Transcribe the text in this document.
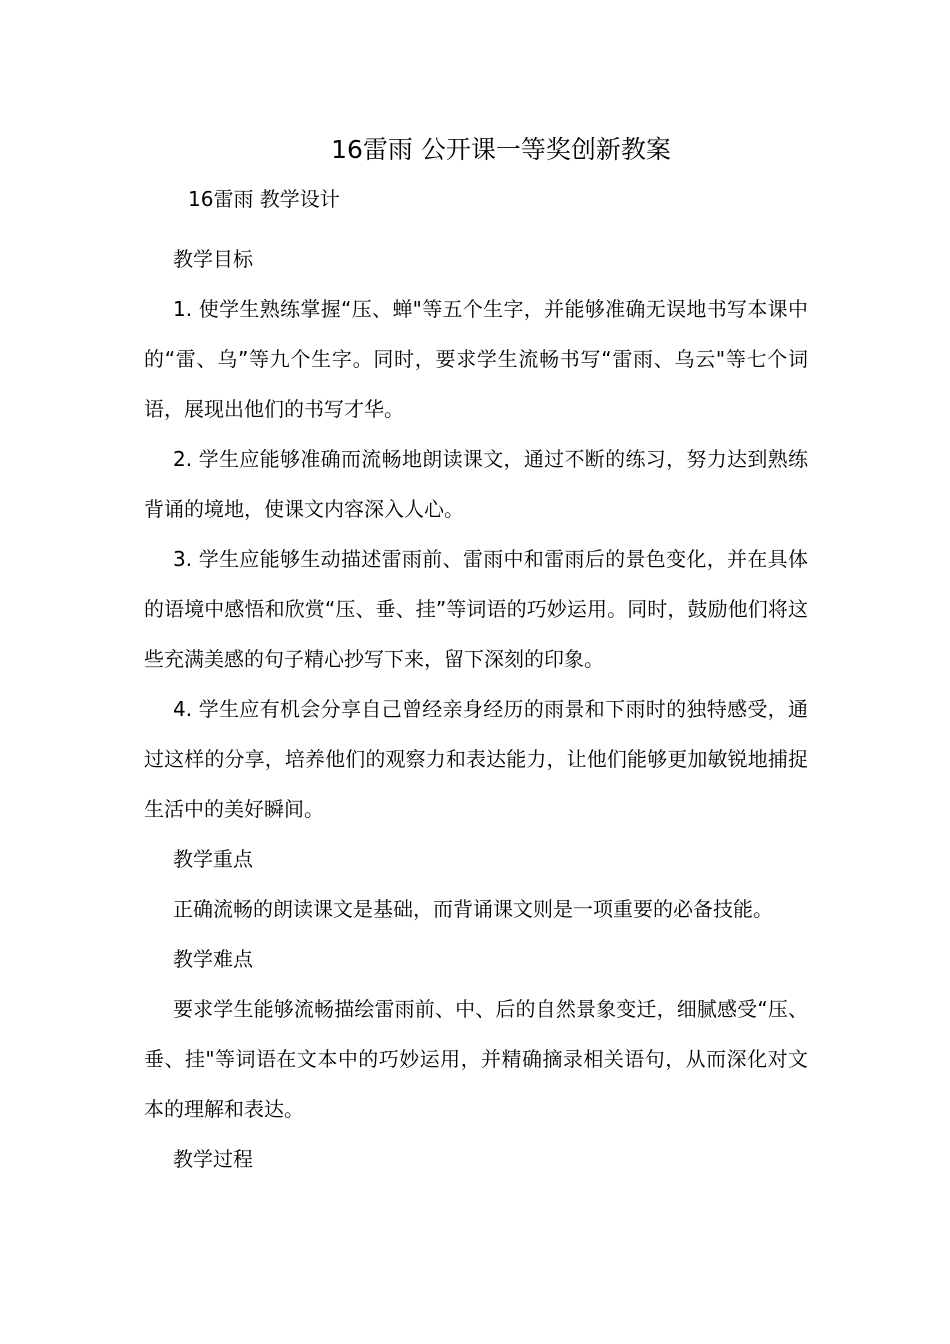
16雷雨 公开课一等奖创新教案
16雷雨 教学设计

教学目标

1. 使学生熟练掌握“压、蝉"等五个生字，并能够准确无误地书写本课中的“雷、乌”等九个生字。同时，要求学生流畅书写“雷雨、乌云"等七个词语，展现出他们的书写才华。

2. 学生应能够准确而流畅地朗读课文，通过不断的练习，努力达到熟练背诵的境地，使课文内容深入人心。

3. 学生应能够生动描述雷雨前、雷雨中和雷雨后的景色变化，并在具体的语境中感悟和欣赏“压、垂、挂”等词语的巧妙运用。同时，鼓励他们将这些充满美感的句子精心抄写下来，留下深刻的印象。

4. 学生应有机会分享自己曾经亲身经历的雨景和下雨时的独特感受，通过这样的分享，培养他们的观察力和表达能力，让他们能够更加敏锐地捕捉生活中的美好瞬间。

教学重点

正确流畅的朗读课文是基础，而背诵课文则是一项重要的必备技能。

教学难点

要求学生能够流畅描绘雷雨前、中、后的自然景象变迁，细腻感受“压、垂、挂"等词语在文本中的巧妙运用，并精确摘录相关语句，从而深化对文本的理解和表达。

教学过程
